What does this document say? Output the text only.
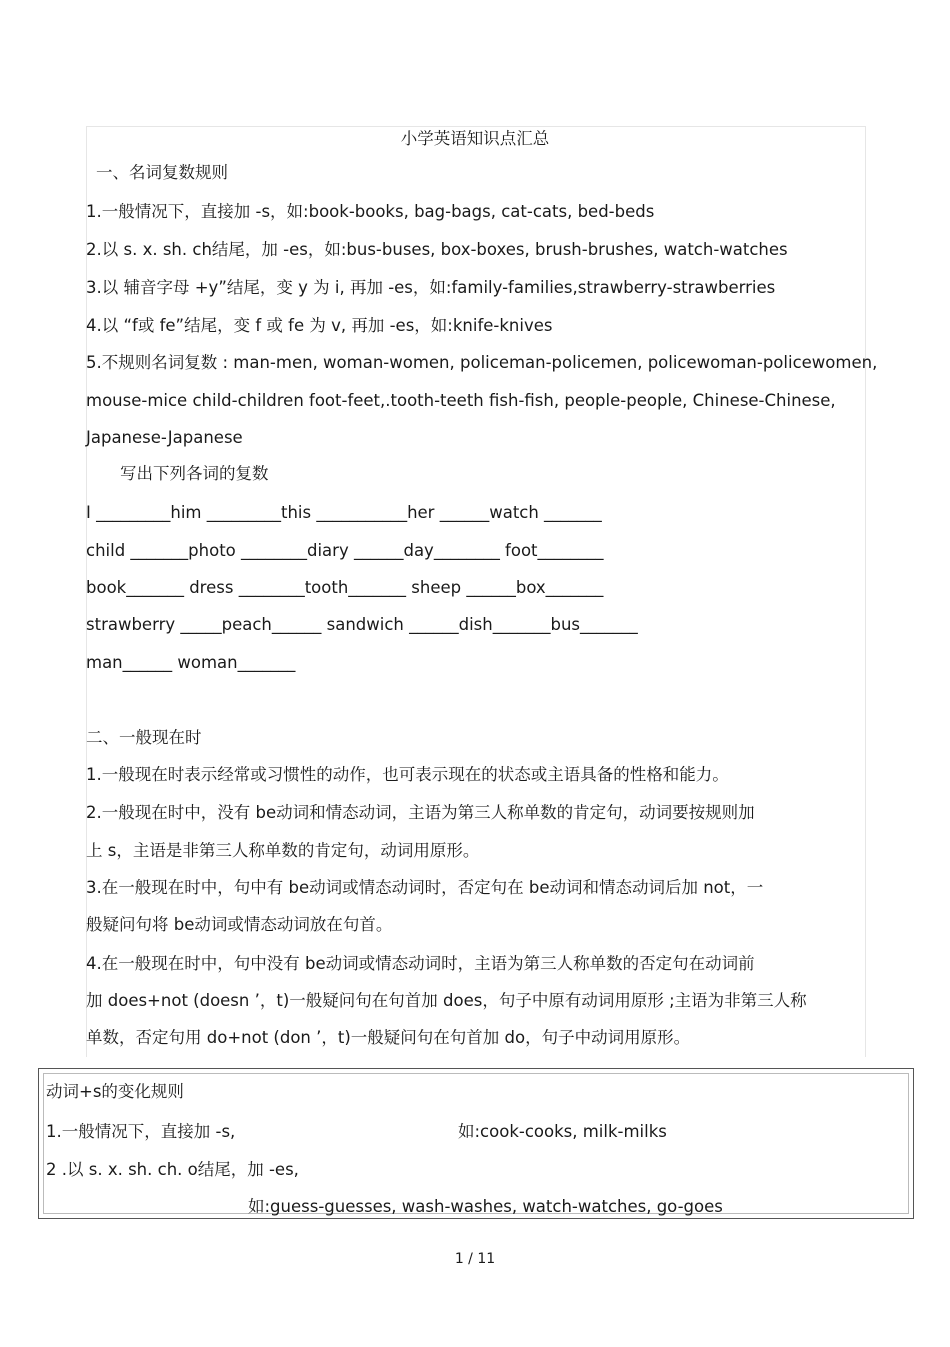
小学英语知识点汇总
一、名词复数规则
1.一般情况下，直接加 -s，如:book-books, bag-bags, cat-cats, bed-beds
2.以 s. x. sh. ch结尾，加 -es，如:bus-buses, box-boxes, brush-brushes, watch-watches
3.以 辅音字母 +y”结尾，变 y 为 i, 再加 -es，如:family-families,strawberry-strawberries
4.以 “f或 fe”结尾，变 f 或 fe 为 v, 再加 -es，如:knife-knives
5.不规则名词复数 : man-men, woman-women, policeman-policemen, policewoman-policewomen,
mouse-mice child-children foot-feet,.tooth-teeth fish-fish, people-people, Chinese-Chinese,
Japanese-Japanese
写出下列各词的复数
I _________him _________this ___________her ______watch _______
child _______photo ________diary ______day________ foot________
book_______ dress ________tooth_______ sheep ______box_______
strawberry _____peach______ sandwich ______dish_______bus_______
man______ woman_______
二、一般现在时
1.一般现在时表示经常或习惯性的动作，也可表示现在的状态或主语具备的性格和能力。
2.一般现在时中，没有 be动词和情态动词，主语为第三人称单数的肯定句，动词要按规则加
上 s，主语是非第三人称单数的肯定句，动词用原形。
3.在一般现在时中，句中有 be动词或情态动词时，否定句在 be动词和情态动词后加 not，一
般疑问句将 be动词或情态动词放在句首。
4.在一般现在时中，句中没有 be动词或情态动词时，主语为第三人称单数的否定句在动词前
加 does+not (doesn ’，t)一般疑问句在句首加 does，句子中原有动词用原形 ;主语为非第三人称
单数，否定句用 do+not (don ’，t)一般疑问句在句首加 do，句子中动词用原形。
动词+s的变化规则
1.一般情况下，直接加 -s,	如:cook-cooks, milk-milks
2 .以 s. x. sh. ch. o结尾，加 -es,
如:guess-guesses, wash-washes, watch-watches, go-goes
1 / 11
